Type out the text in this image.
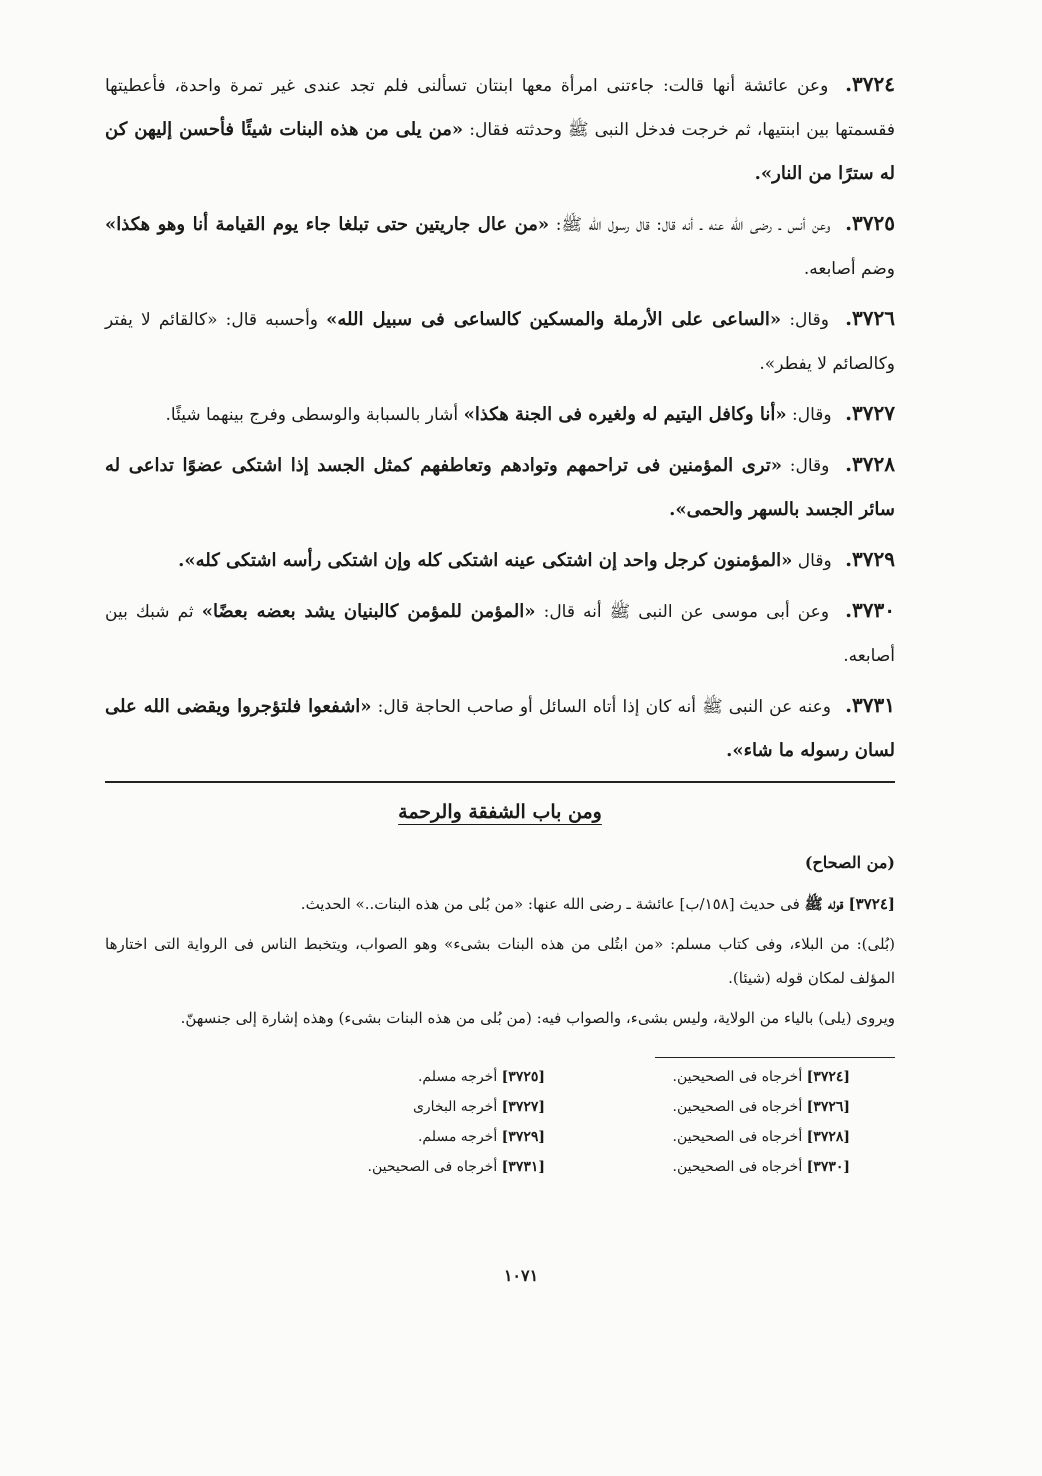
٣٧٢٤. وعن عائشة أنها قالت: جاءتنى امرأة معها ابنتان تسألنى فلم تجد عندى غير تمرة واحدة، فأعطيتها فقسمتها بين ابنتيها، ثم خرجت فدخل النبى ﷺ وحدثته فقال: «من يلى من هذه البنات شيئًا فأحسن إليهن كن له سترًا من النار».
٣٧٢٥. وعن أنس ـ رضى الله عنه ـ أنه قال: قال رسول الله ﷺ: «من عال جاريتين حتى تبلغا جاء يوم القيامة أنا وهو هكذا» وضم أصابعه.
٣٧٢٦. وقال: «الساعى على الأرملة والمسكين كالساعى فى سبيل الله» وأحسبه قال: «كالقائم لا يفتر وكالصائم لا يفطر».
٣٧٢٧. وقال: «أنا وكافل اليتيم له ولغيره فى الجنة هكذا» أشار بالسبابة والوسطى وفرج بينهما شيئًا.
٣٧٢٨. وقال: «ترى المؤمنين فى تراحمهم وتوادهم وتعاطفهم كمثل الجسد إذا اشتكى عضوًا تداعى له سائر الجسد بالسهر والحمى».
٣٧٢٩. وقال «المؤمنون كرجل واحد إن اشتكى عينه اشتكى كله وإن اشتكى رأسه اشتكى كله».
٣٧٣٠. وعن أبى موسى عن النبى ﷺ أنه قال: «المؤمن للمؤمن كالبنيان يشد بعضه بعضًا» ثم شبك بين أصابعه.
٣٧٣١. وعنه عن النبى ﷺ أنه كان إذا أتاه السائل أو صاحب الحاجة قال: «اشفعوا فلتؤجروا ويقضى الله على لسان رسوله ما شاء».
ومن باب الشفقة والرحمة
(من الصحاح)
[٣٧٢٤] قوله ﷺ فى حديث [١٥٨/ب] عائشة ـ رضى الله عنها: «من بُلى من هذه البنات..» الحديث.
(بُلى): من البلاء، وفى كتاب مسلم: «من ابتُلى من هذه البنات بشىء» وهو الصواب، ويتخبط الناس فى الرواية التى اختارها المؤلف لمكان قوله (شيئا).
ويروى (يلى) بالياء من الولاية، وليس بشىء، والصواب فيه: (من بُلى من هذه البنات بشىء) وهذه إشارة إلى جنسهنّ.
[٣٧٢٤] أخرجاه فى الصحيحين.
[٣٧٢٥] أخرجه مسلم.
[٣٧٢٦] أخرجاه فى الصحيحين.
[٣٧٢٧] أخرجه البخارى
[٣٧٢٨] أخرجاه فى الصحيحين.
[٣٧٢٩] أخرجه مسلم.
[٣٧٣٠] أخرجاه فى الصحيحين.
[٣٧٣١] أخرجاه فى الصحيحين.
١٠٧١
